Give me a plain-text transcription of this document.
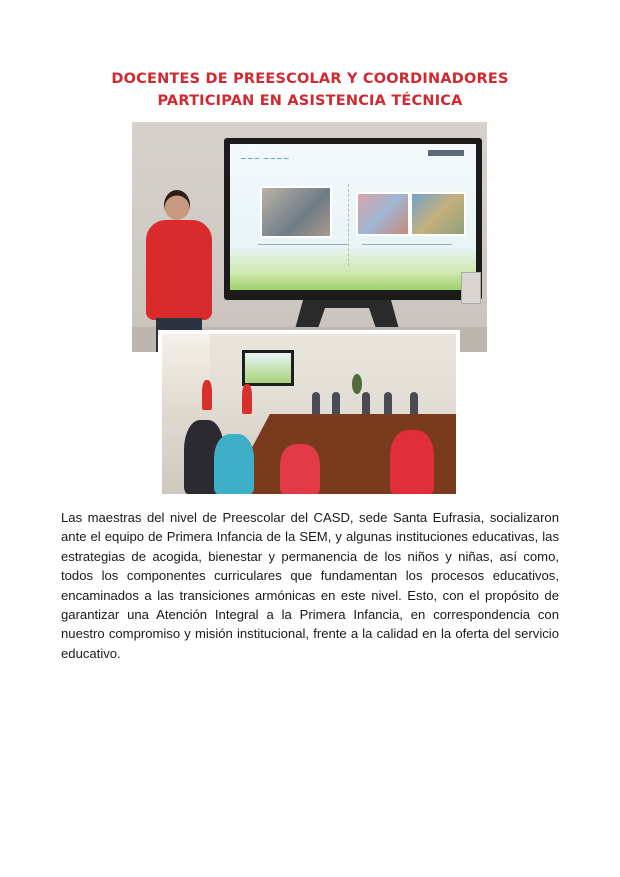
DOCENTES DE PREESCOLAR Y COORDINADORES
PARTICIPAN EN ASISTENCIA TÉCNICA
~~~ ~~~~

Las maestras del nivel de Preescolar del CASD, sede Santa Eufrasia, socializaron ante el equipo de Primera Infancia de la SEM, y algunas instituciones educativas, las estrategias de acogida, bienestar y permanencia de los niños y niñas, así como, todos los componentes curriculares que fundamentan los procesos educativos, encaminados a las transiciones armónicas en este nivel. Esto, con el propósito de garantizar una Atención Integral a la Primera Infancia, en correspondencia con nuestro compromiso y misión institucional, frente a la calidad en la oferta del servicio educativo.
